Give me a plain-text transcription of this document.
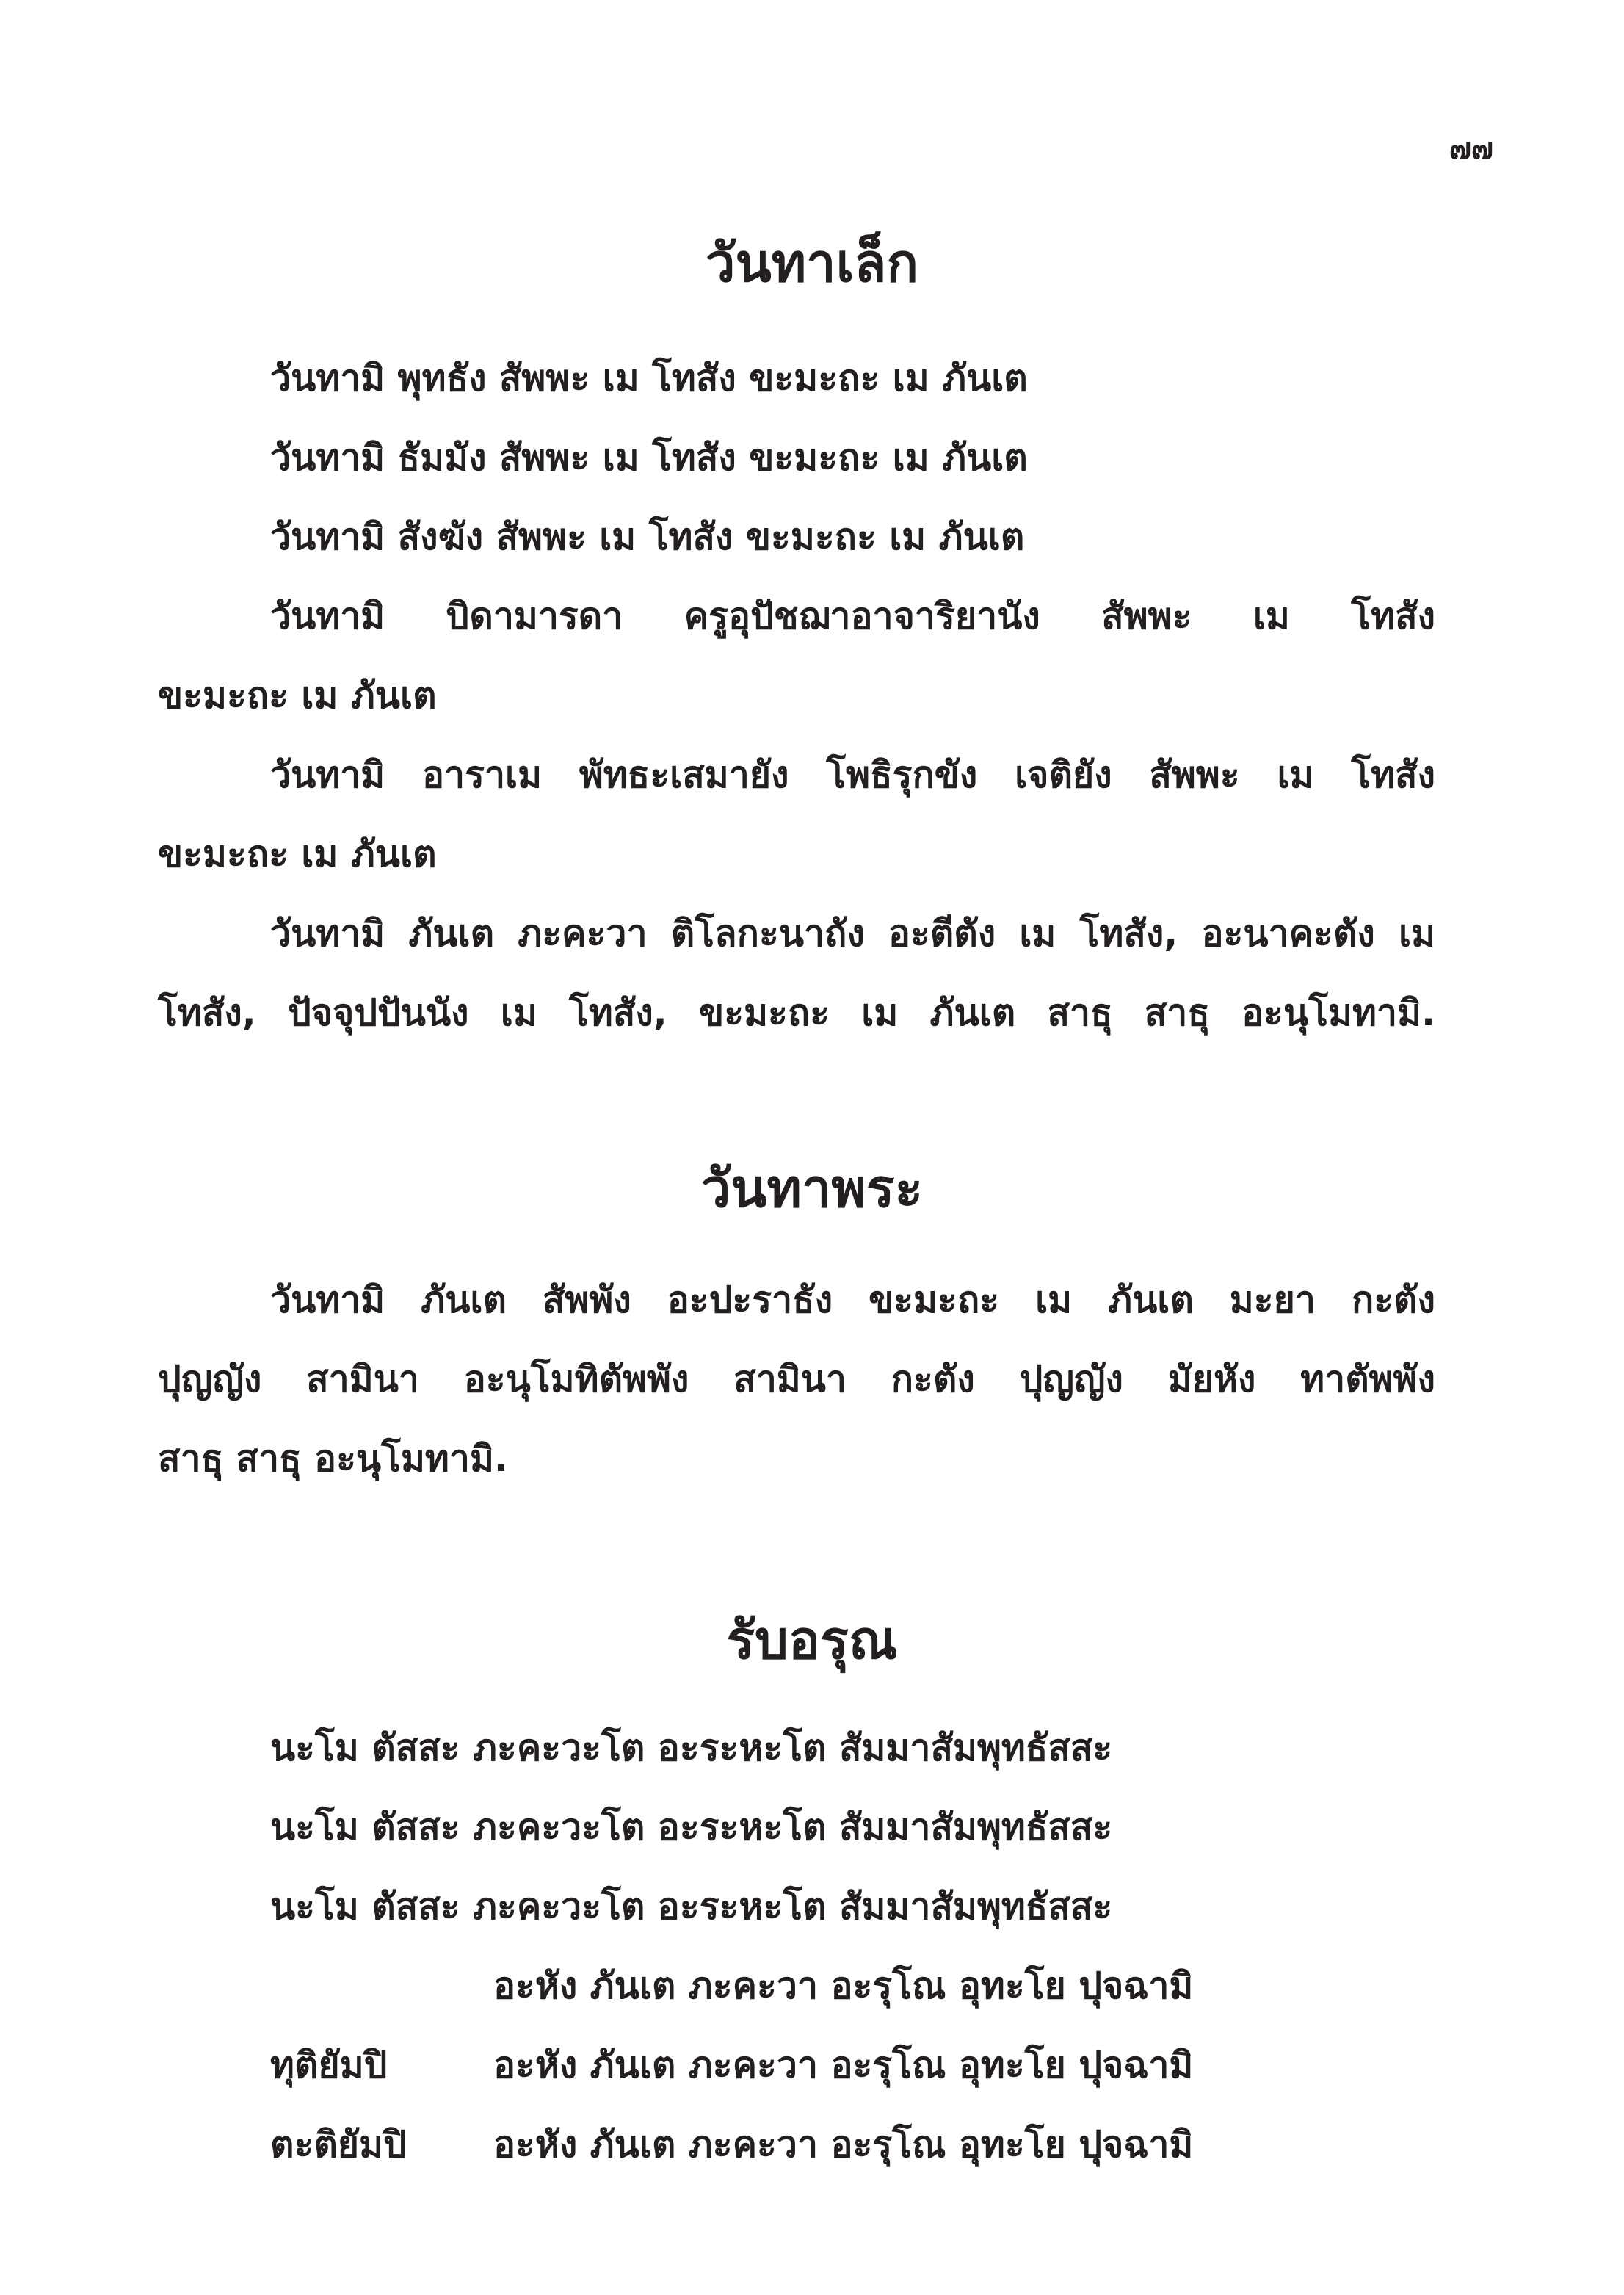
๗๗
วันทาเล็ก
วันทามิ พุทธัง สัพพะ เม โทสัง ขะมะถะ เม ภันเต
วันทามิ ธัมมัง สัพพะ เม โทสัง ขะมะถะ เม ภันเต
วันทามิ สังฆัง สัพพะ เม โทสัง ขะมะถะ เม ภันเต
วันทามิ บิดามารดา ครูอุปัชฌาอาจาริยานัง สัพพะ เม โทสัง
ขะมะถะ เม ภันเต
วันทามิ อาราเม พัทธะเสมายัง โพธิรุกขัง เจติยัง สัพพะ เม โทสัง
ขะมะถะ เม ภันเต
วันทามิ ภันเต ภะคะวา ติโลกะนาถัง อะตีตัง เม โทสัง, อะนาคะตัง เม
โทสัง, ปัจจุปปันนัง เม โทสัง, ขะมะถะ เม ภันเต สาธุ สาธุ อะนุโมทามิ.
วันทาพระ
วันทามิ ภันเต สัพพัง อะปะราธัง ขะมะถะ เม ภันเต มะยา กะตัง
ปุญญัง สามินา อะนุโมทิตัพพัง สามินา กะตัง ปุญญัง มัยหัง ทาตัพพัง
สาธุ สาธุ อะนุโมทามิ.
รับอรุณ
นะโม ตัสสะ ภะคะวะโต อะระหะโต สัมมาสัมพุทธัสสะ
นะโม ตัสสะ ภะคะวะโต อะระหะโต สัมมาสัมพุทธัสสะ
นะโม ตัสสะ ภะคะวะโต อะระหะโต สัมมาสัมพุทธัสสะ
อะหัง ภันเต ภะคะวา อะรุโณ อุทะโย ปุจฉามิ
ทุติยัมปิ	อะหัง ภันเต ภะคะวา อะรุโณ อุทะโย ปุจฉามิ
ตะติยัมปิ อะหัง ภันเต ภะคะวา อะรุโณ อุทะโย ปุจฉามิ
